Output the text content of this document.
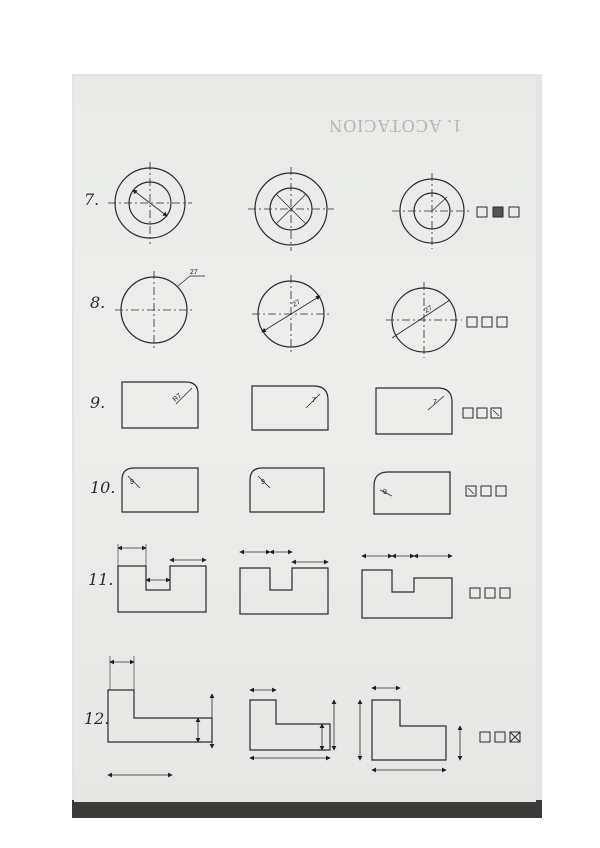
1. ACOTACION
7.
8.
27
27
27
9.	R7	7	7
10. 9	9
9
11.
12.
